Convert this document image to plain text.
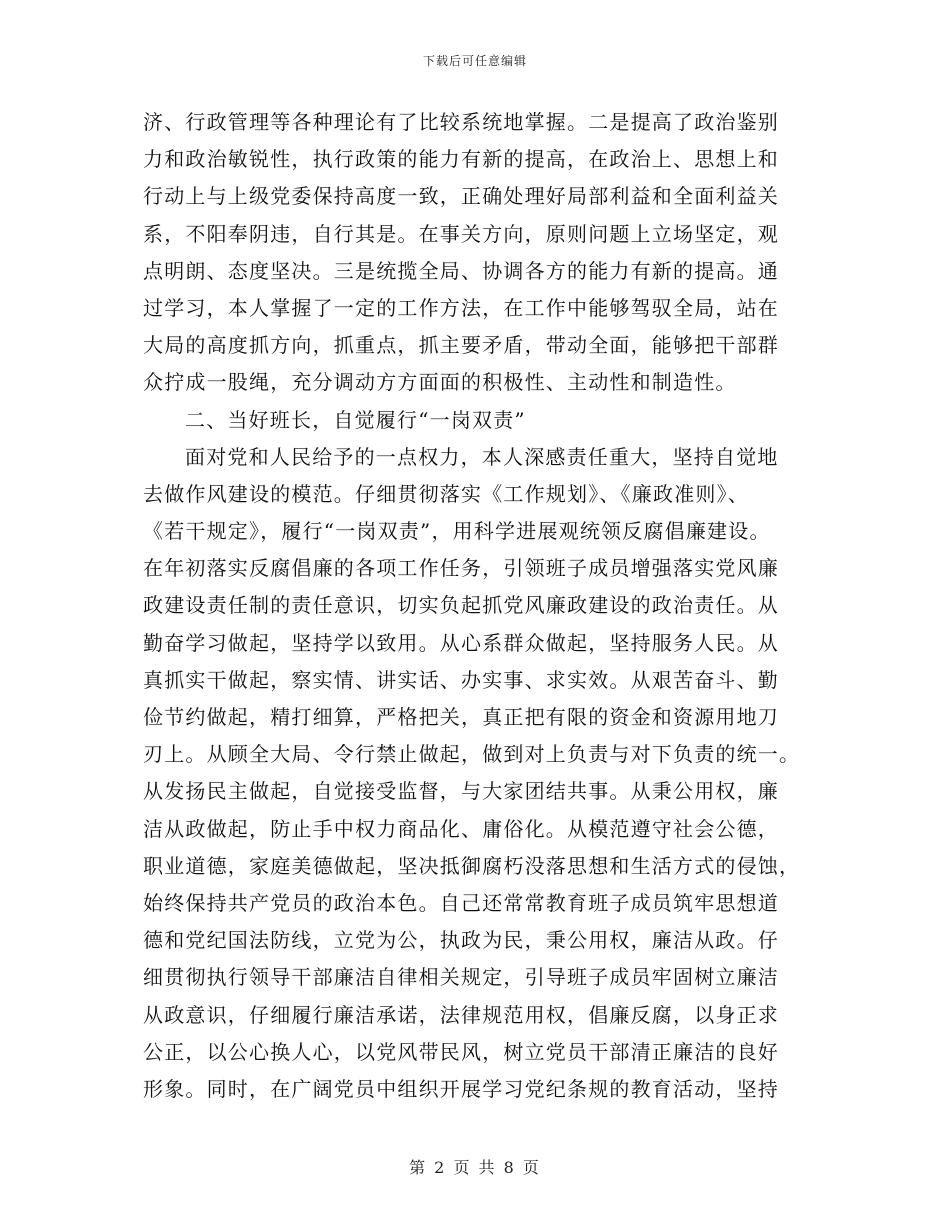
下载后可任意编辑
济、行政管理等各种理论有了比较系统地掌握。二是提高了政治鉴别
力和政治敏锐性，执行政策的能力有新的提高，在政治上、思想上和
行动上与上级党委保持高度一致，正确处理好局部利益和全面利益关
系，不阳奉阴违，自行其是。在事关方向，原则问题上立场坚定，观
点明朗、态度坚决。三是统揽全局、协调各方的能力有新的提高。通
过学习，本人掌握了一定的工作方法，在工作中能够驾驭全局，站在
大局的高度抓方向，抓重点，抓主要矛盾，带动全面，能够把干部群
众拧成一股绳，充分调动方方面面的积极性、主动性和制造性。
二、当好班长，自觉履行“一岗双责”
面对党和人民给予的一点权力，本人深感责任重大，坚持自觉地
去做作风建设的模范。仔细贯彻落实《工作规划》、《廉政准则》、
《若干规定》，履行“一岗双责”，用科学进展观统领反腐倡廉建设。
在年初落实反腐倡廉的各项工作任务，引领班子成员增强落实党风廉
政建设责任制的责任意识，切实负起抓党风廉政建设的政治责任。从
勤奋学习做起，坚持学以致用。从心系群众做起，坚持服务人民。从
真抓实干做起，察实情、讲实话、办实事、求实效。从艰苦奋斗、勤
俭节约做起，精打细算，严格把关，真正把有限的资金和资源用地刀
刃上。从顾全大局、令行禁止做起，做到对上负责与对下负责的统一。
从发扬民主做起，自觉接受监督，与大家团结共事。从秉公用权，廉
洁从政做起，防止手中权力商品化、庸俗化。从模范遵守社会公德，
职业道德，家庭美德做起，坚决抵御腐朽没落思想和生活方式的侵蚀，
始终保持共产党员的政治本色。自己还常常教育班子成员筑牢思想道
德和党纪国法防线，立党为公，执政为民，秉公用权，廉洁从政。仔
细贯彻执行领导干部廉洁自律相关规定，引导班子成员牢固树立廉洁
从政意识，仔细履行廉洁承诺，法律规范用权，倡廉反腐，以身正求
公正，以公心换人心，以党风带民风，树立党员干部清正廉洁的良好
形象。同时，在广阔党员中组织开展学习党纪条规的教育活动，坚持
第 2 页 共 8 页
